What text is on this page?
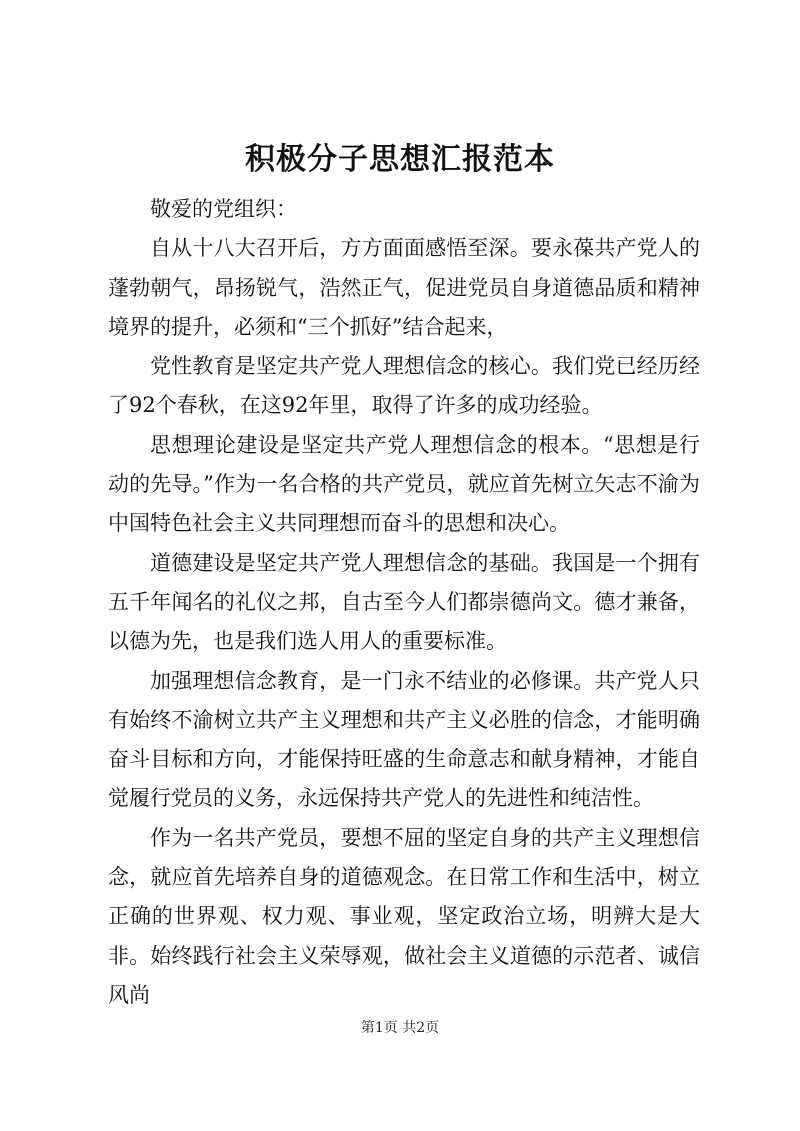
积极分子思想汇报范本

敬爱的党组织：

自从十八大召开后，方方面面感悟至深。要永葆共产党人的蓬勃朝气，昂扬锐气，浩然正气，促进党员自身道德品质和精神境界的提升，必须和“三个抓好”结合起来，

党性教育是坚定共产党人理想信念的核心。我们党已经历经了92个春秋，在这92年里，取得了许多的成功经验。

思想理论建设是坚定共产党人理想信念的根本。“思想是行动的先导。”作为一名合格的共产党员，就应首先树立矢志不渝为中国特色社会主义共同理想而奋斗的思想和决心。

道德建设是坚定共产党人理想信念的基础。我国是一个拥有五千年闻名的礼仪之邦，自古至今人们都崇德尚文。德才兼备，以德为先，也是我们选人用人的重要标准。

加强理想信念教育，是一门永不结业的必修课。共产党人只有始终不渝树立共产主义理想和共产主义必胜的信念，才能明确奋斗目标和方向，才能保持旺盛的生命意志和献身精神，才能自觉履行党员的义务，永远保持共产党人的先进性和纯洁性。

作为一名共产党员，要想不屈的坚定自身的共产主义理想信念，就应首先培养自身的道德观念。在日常工作和生活中，树立正确的世界观、权力观、事业观，坚定政治立场，明辨大是大非。始终践行社会主义荣辱观，做社会主义道德的示范者、诚信风尚

第1页 共2页
